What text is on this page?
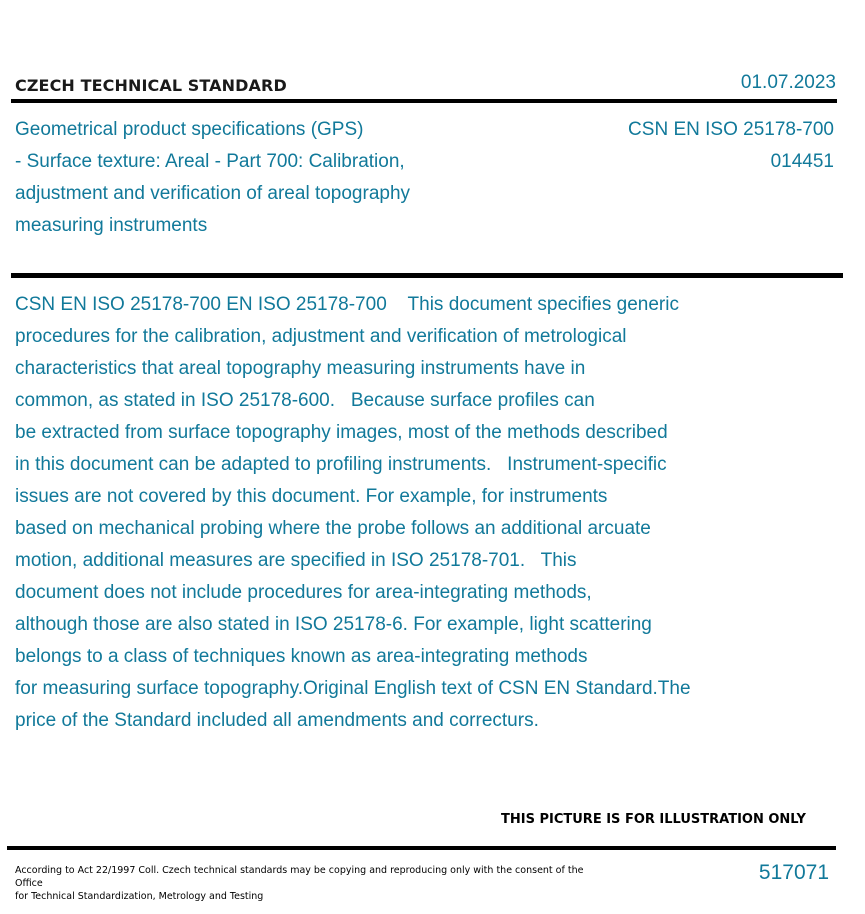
CZECH TECHNICAL STANDARD	01.07.2023
Geometrical product specifications (GPS)
- Surface texture: Areal - Part 700: Calibration,
adjustment and verification of areal topography
measuring instruments
CSN EN ISO 25178-700
014451
CSN EN ISO 25178-700 EN ISO 25178-700    This document specifies generic
procedures for the calibration, adjustment and verification of metrological
characteristics that areal topography measuring instruments have in
common, as stated in ISO 25178-600.   Because surface profiles can
be extracted from surface topography images, most of the methods described
in this document can be adapted to profiling instruments.   Instrument-specific
issues are not covered by this document. For example, for instruments
based on mechanical probing where the probe follows an additional arcuate
motion, additional measures are specified in ISO 25178-701.   This
document does not include procedures for area-integrating methods,
although those are also stated in ISO 25178-6. For example, light scattering
belongs to a class of techniques known as area-integrating methods
for measuring surface topography.Original English text of CSN EN Standard.The
price of the Standard included all amendments and correcturs.
THIS PICTURE IS FOR ILLUSTRATION ONLY
According to Act 22/1997 Coll. Czech technical standards may be copying and reproducing only with the consent of the Office
for Technical Standardization, Metrology and Testing
517071
